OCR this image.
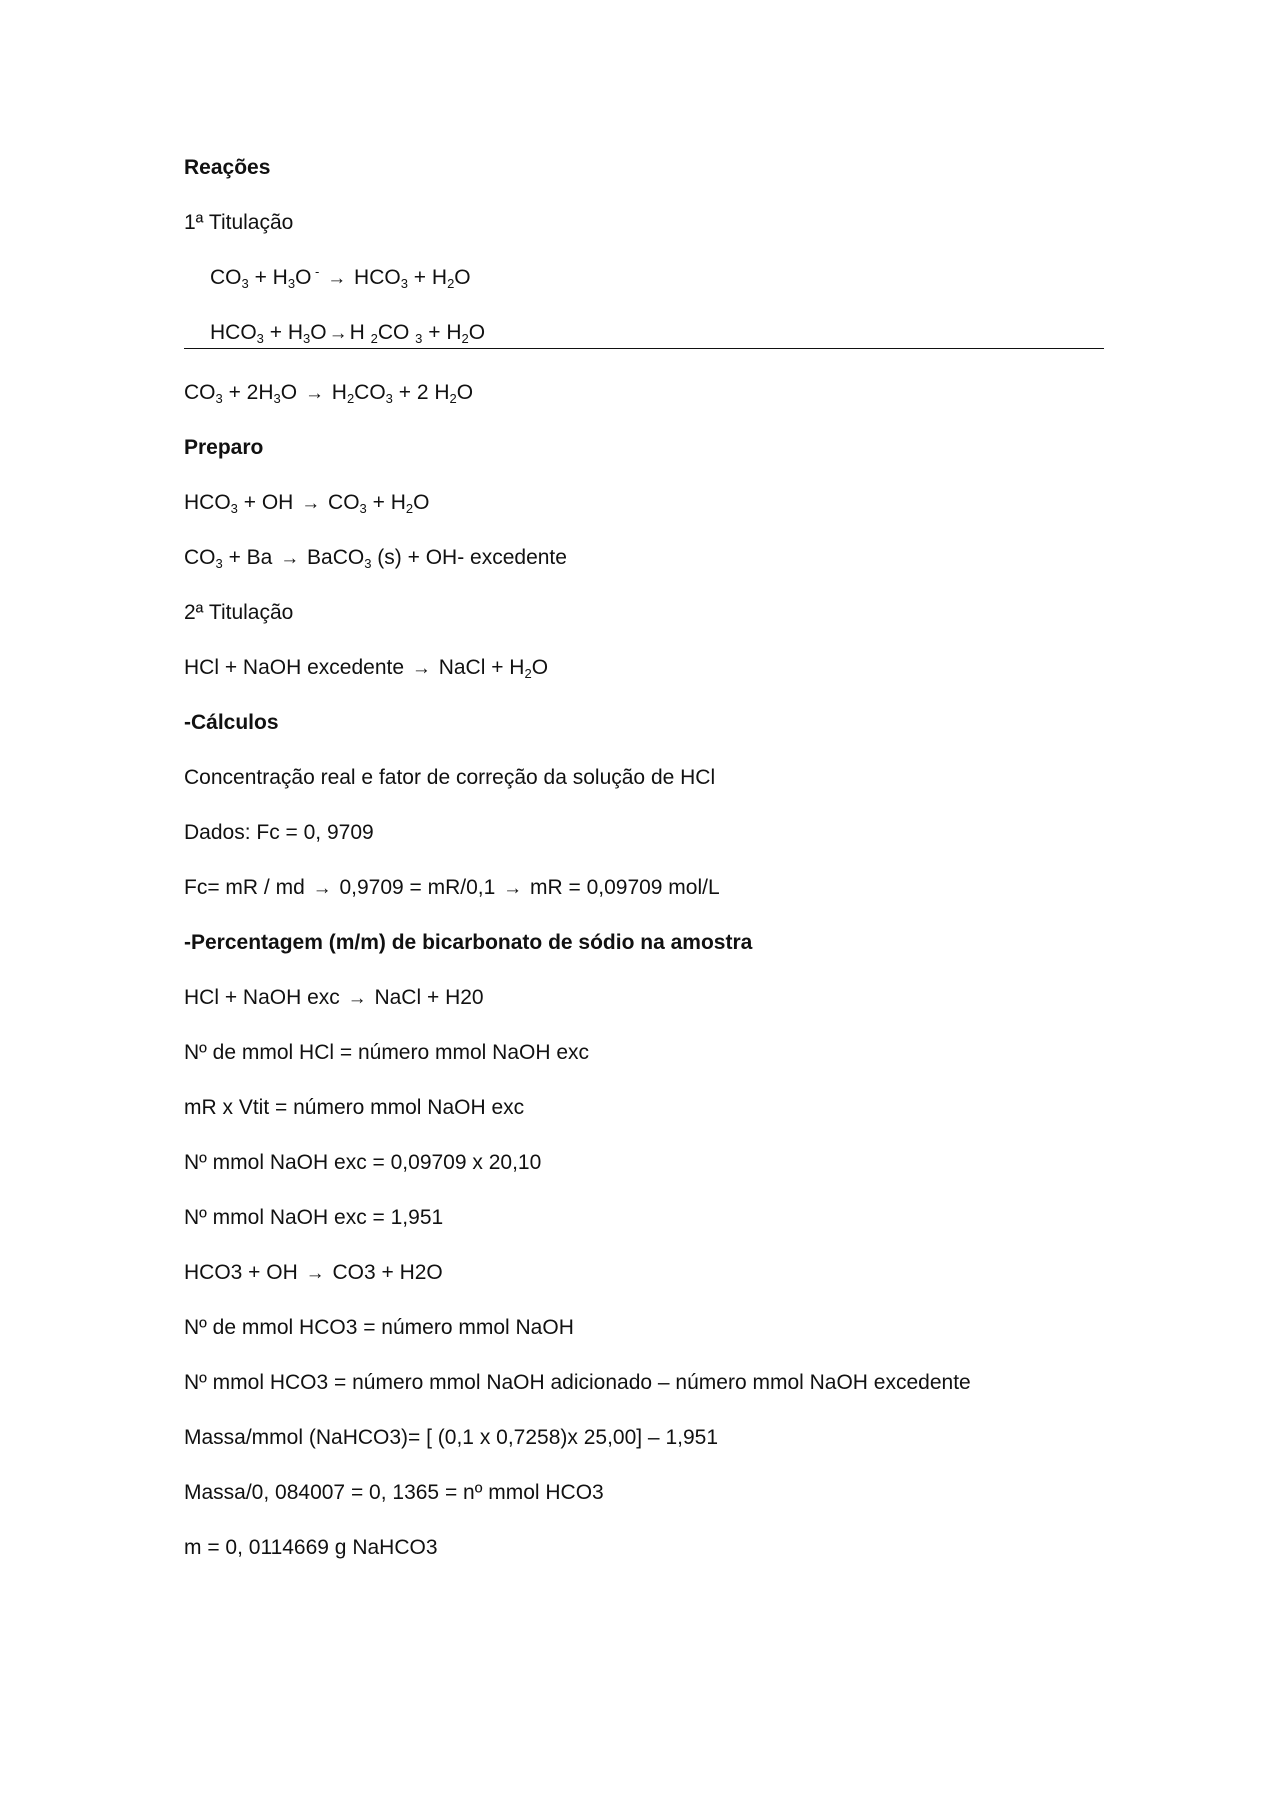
Reações
1ª Titulação
$CO_3 + H_3O$ $^- \to HCO_3 + H_2O$
$HCO_3 + H_3O \to H$ $_2$CO $_3 + H_2O$
$CO_3 + 2H_3O \to H_2CO_3 + 2$ $H_2O$
Preparo
$HCO_3$ + OH → $CO_3 + H_2O$
$CO_3 + Ba$ → BaCO$_3$ (s) + OH- excedente
2ª Titulação
HCl + NaOH excedente → NaCl + $H_2O$
-Cálculos
Concentração real e fator de correção da solução de HCl
Dados: Fc = 0, 9709
Fc= mR / md → 0,9709 = mR/0,1 → mR = 0,09709 mol/L
-Percentagem (m/m) de bicarbonato de sódio na amostra
HCl + NaOH exc → NaCl + H20
Nº de mmol HCl = número mmol NaOH exc
mR x Vtit = número mmol NaOH exc
Nº mmol NaOH exc = 0,09709 x 20,10
Nº mmol NaOH exc = 1,951
HCO3 + OH → CO3 + H2O
Nº de mmol HCO3 = número mmol NaOH
Nº mmol HCO3 = número mmol NaOH adicionado – número mmol NaOH excedente
Massa/mmol (NaHCO3)= [ (0,1 x 0,7258)x 25,00] – 1,951
Massa/0, 084007 = 0, 1365 = nº mmol HCO3
m = 0, 0114669 g NaHCO3
